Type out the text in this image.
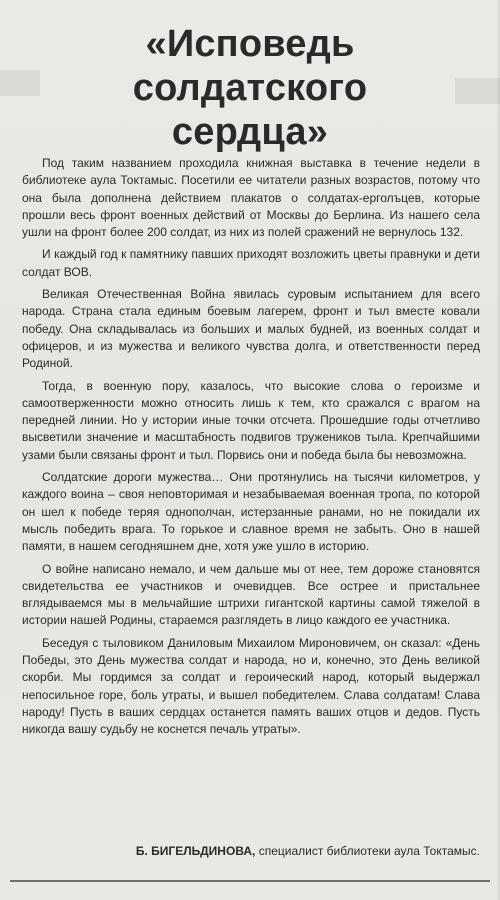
«Исповедь
солдатского
сердца»

Под таким названием проходила книжная выставка в течение недели в библиотеке аула Токтамыс. Посетили ее читатели разных возрастов, потому что она была дополнена действием плакатов о солдатах-ерголъцев, которые прошли весь фронт военных действий от Москвы до Берлина. Из нашего села ушли на фронт более 200 солдат, из них из полей сражений не вернулось 132.

И каждый год к памятнику павших приходят возложить цветы правнуки и дети солдат ВОВ.

Великая Отечественная Война явилась суровым испытанием для всего народа. Страна стала единым боевым лагерем, фронт и тыл вместе ковали победу. Она складывалась из больших и малых будней, из военных солдат и офицеров, и из мужества и великого чувства долга, и ответственности перед Родиной.

Тогда, в военную пору, казалось, что высокие слова о героизме и самоотверженности можно относить лишь к тем, кто сражался с врагом на передней линии. Но у истории иные точки отсчета. Прошедшие годы отчетливо высветили значение и масштабность подвигов тружеников тыла. Крепчайшими узами были связаны фронт и тыл. Порвись они и победа была бы невозможна.

Солдатские дороги мужества… Они протянулись на тысячи километров, у каждого воина – своя неповторимая и незабываемая военная тропа, по которой он шел к победе теряя однополчан, истерзанные ранами, но не покидали их мысль победить врага. То горькое и славное время не забыть. Оно в нашей памяти, в нашем сегодняшнем дне, хотя уже ушло в историю.

О войне написано немало, и чем дальше мы от нее, тем дороже становятся свидетельства ее участников и очевидцев. Все острее и пристальнее вглядываемся мы в мельчайшие штрихи гигантской картины самой тяжелой в истории нашей Родины, стараемся разглядеть в лицо каждого ее участника.

Беседуя с тыловиком Даниловым Михаилом Мироновичем, он сказал: «День Победы, это День мужества солдат и народа, но и, конечно, это День великой скорби. Мы гордимся за солдат и героический народ, который выдержал непосильное горе, боль утраты, и вышел победителем. Слава солдатам! Слава народу! Пусть в ваших сердцах останется память ваших отцов и дедов. Пусть никогда вашу судьбу не коснется печаль утраты».

Б. БИГЕЛЬДИНОВА, специалист библиотеки аула Токтамыс.
